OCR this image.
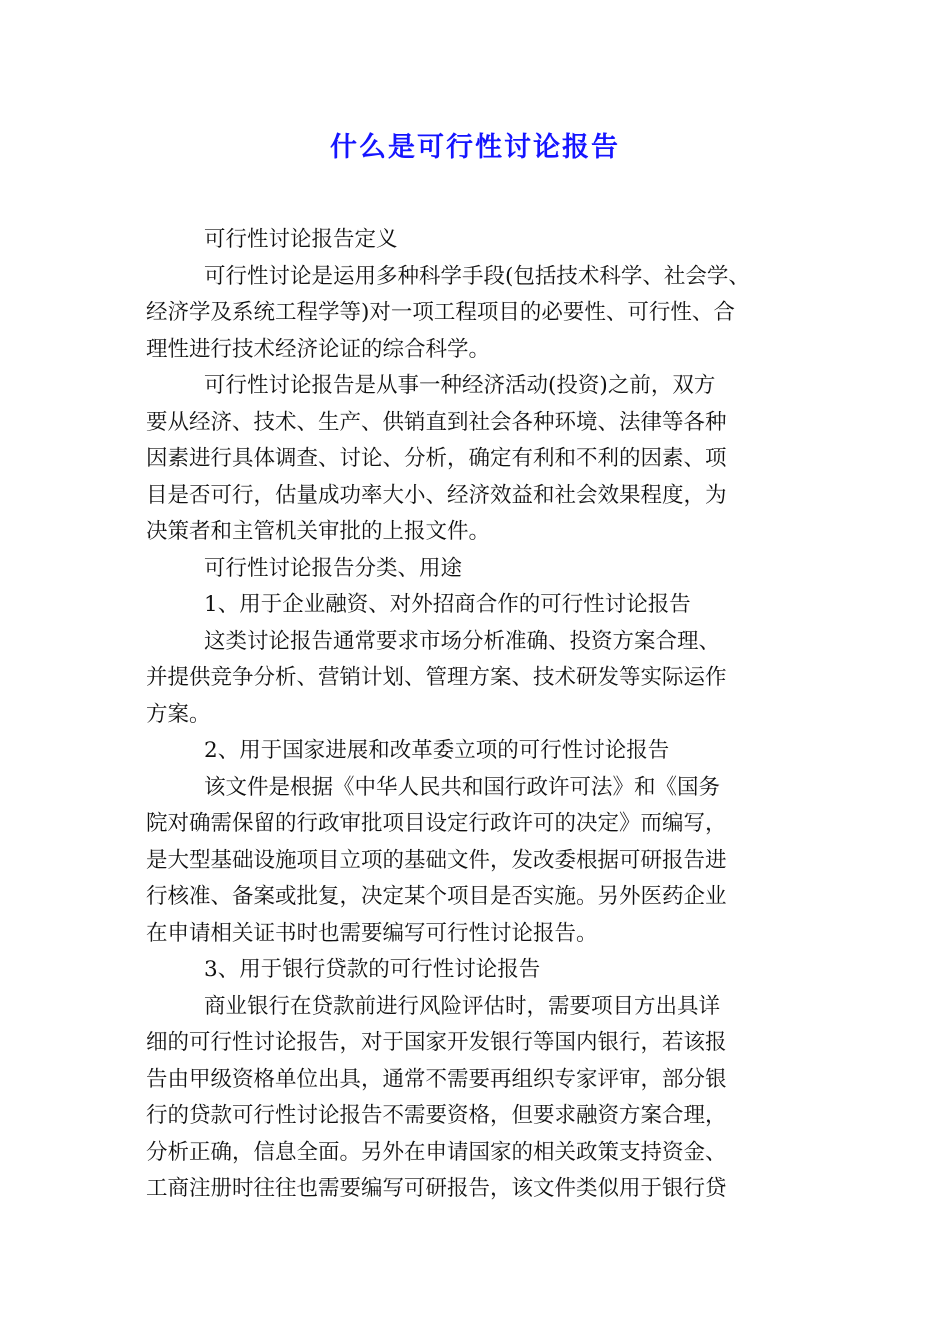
什么是可行性讨论报告

可行性讨论报告定义

可行性讨论是运用多种科学手段(包括技术科学、社会学、
经济学及系统工程学等)对一项工程项目的必要性、可行性、合
理性进行技术经济论证的综合科学。

可行性讨论报告是从事一种经济活动(投资)之前，双方
要从经济、技术、生产、供销直到社会各种环境、法律等各种
因素进行具体调查、讨论、分析，确定有利和不利的因素、项
目是否可行，估量成功率大小、经济效益和社会效果程度，为
决策者和主管机关审批的上报文件。

可行性讨论报告分类、用途

1、用于企业融资、对外招商合作的可行性讨论报告

这类讨论报告通常要求市场分析准确、投资方案合理、
并提供竞争分析、营销计划、管理方案、技术研发等实际运作
方案。

2、用于国家进展和改革委立项的可行性讨论报告

该文件是根据《中华人民共和国行政许可法》和《国务
院对确需保留的行政审批项目设定行政许可的决定》而编写，
是大型基础设施项目立项的基础文件，发改委根据可研报告进
行核准、备案或批复，决定某个项目是否实施。另外医药企业
在申请相关证书时也需要编写可行性讨论报告。

3、用于银行贷款的可行性讨论报告

商业银行在贷款前进行风险评估时，需要项目方出具详
细的可行性讨论报告，对于国家开发银行等国内银行，若该报
告由甲级资格单位出具，通常不需要再组织专家评审，部分银
行的贷款可行性讨论报告不需要资格，但要求融资方案合理，
分析正确，信息全面。另外在申请国家的相关政策支持资金、
工商注册时往往也需要编写可研报告，该文件类似用于银行贷
